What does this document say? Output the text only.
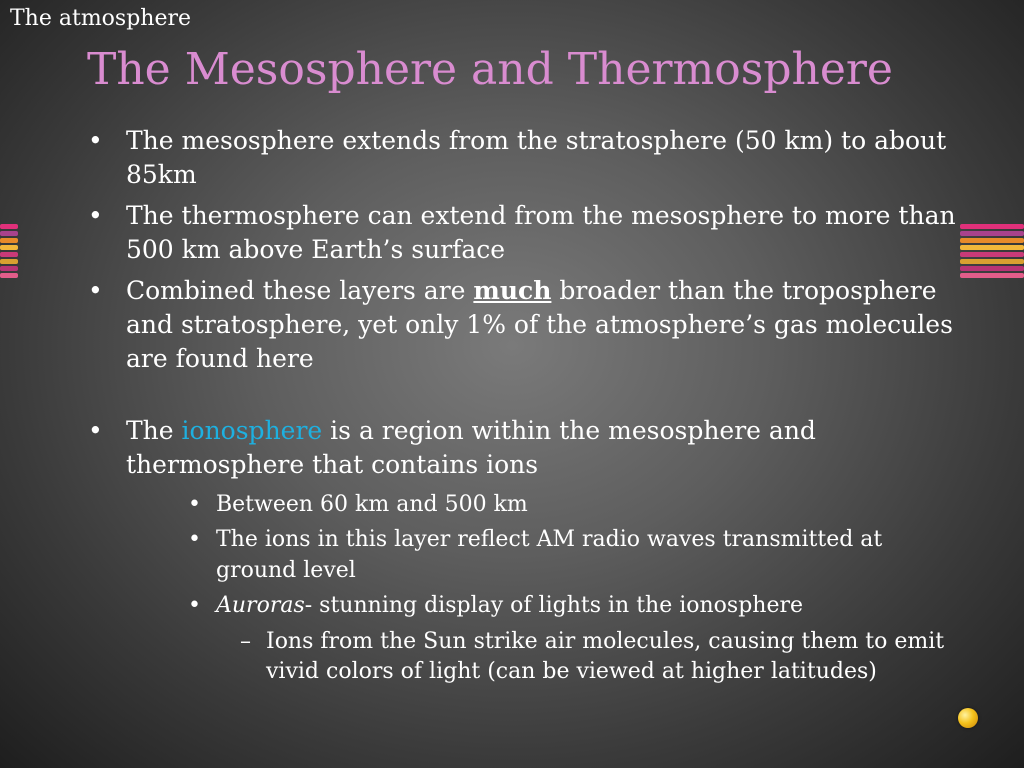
The atmosphere
The Mesosphere and Thermosphere
• The mesosphere extends from the stratosphere (50 km) to about 85km
• The thermosphere can extend from the mesosphere to more than 500 km above Earth’s surface
• Combined these layers are much broader than the troposphere and stratosphere, yet only 1% of the atmosphere’s gas molecules are found here
• The ionosphere is a region within the mesosphere and thermosphere that contains ions
• Between 60 km and 500 km
• The ions in this layer reflect AM radio waves transmitted at ground level
• Auroras- stunning display of lights in the ionosphere
– Ions from the Sun strike air molecules, causing them to emit vivid colors of light (can be viewed at higher latitudes)
